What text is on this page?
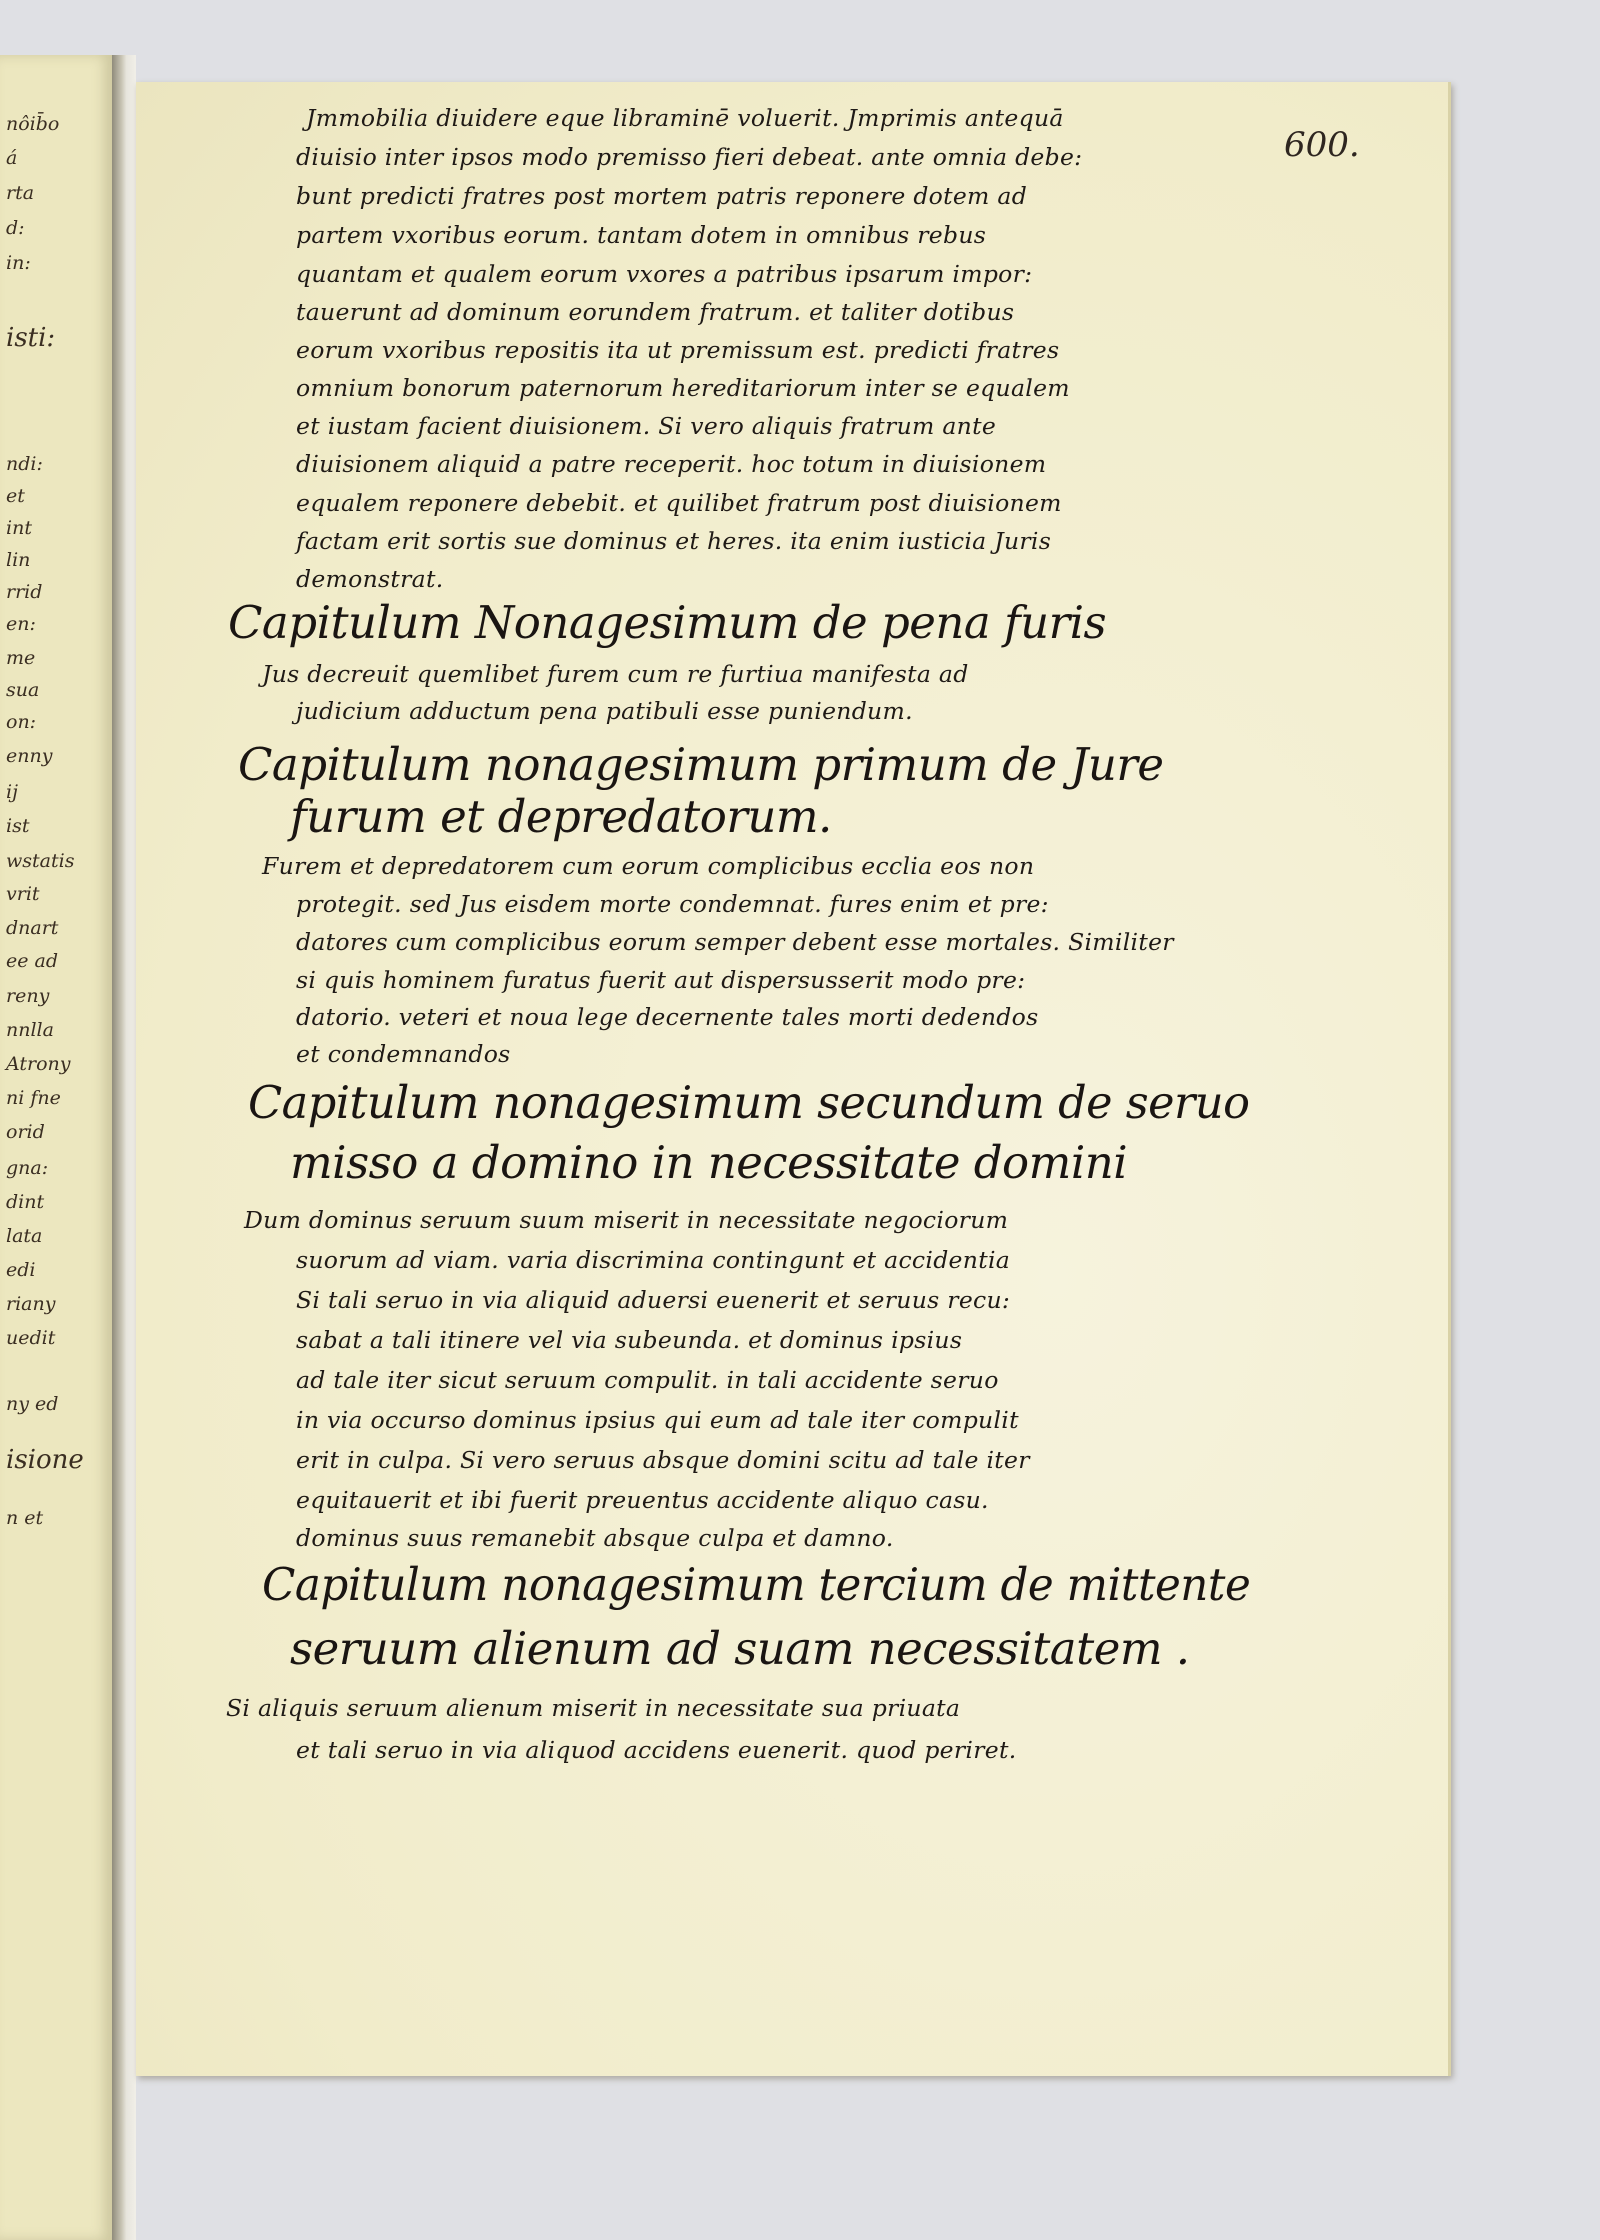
nôib̄o
á
rta
d:
in:
isti:
ndi:
et
int
lin
rrid
en:
me
sua
on:
enny
ij
ist
wstatis
vrit
dnart
ee ad
reny
nnlla
Atrony
ni fne
orid
gna:
dint
lata
edi
riany
uedit
ny ed
isione
n et
600.
Jmmobilia diuidere eque libraminē voluerit. Jmprimis antequā
diuisio inter ipsos modo premisso fieri debeat. ante omnia debe:
bunt predicti fratres post mortem patris reponere dotem ad
partem vxoribus eorum. tantam dotem in omnibus rebus
quantam et qualem eorum vxores a patribus ipsarum impor:
tauerunt ad dominum eorundem fratrum. et taliter dotibus
eorum vxoribus repositis ita ut premissum est. predicti fratres
omnium bonorum paternorum hereditariorum inter se equalem
et iustam facient diuisionem. Si vero aliquis fratrum ante
diuisionem aliquid a patre receperit. hoc totum in diuisionem
equalem reponere debebit. et quilibet fratrum post diuisionem
factam erit sortis sue dominus et heres. ita enim iusticia Juris
demonstrat.
Capitulum Nonagesimum de pena furis
Jus decreuit quemlibet furem cum re furtiua manifesta ad
judicium adductum pena patibuli esse puniendum.
Capitulum nonagesimum primum de Jure
furum et depredatorum.
Furem et depredatorem cum eorum complicibus ecclia eos non
protegit. sed Jus eisdem morte condemnat. fures enim et pre:
datores cum complicibus eorum semper debent esse mortales. Similiter
si quis hominem furatus fuerit aut dispersusserit modo pre:
datorio. veteri et noua lege decernente tales morti dedendos
et condemnandos
Capitulum nonagesimum secundum de seruo
misso a domino in necessitate domini
Dum dominus seruum suum miserit in necessitate negociorum
suorum ad viam. varia discrimina contingunt et accidentia
Si tali seruo in via aliquid aduersi euenerit et seruus recu:
sabat a tali itinere vel via subeunda. et dominus ipsius
ad tale iter sicut seruum compulit. in tali accidente seruo
in via occurso dominus ipsius qui eum ad tale iter compulit
erit in culpa. Si vero seruus absque domini scitu ad tale iter
equitauerit et ibi fuerit preuentus accidente aliquo casu.
dominus suus remanebit absque culpa et damno.
Capitulum nonagesimum tercium de mittente
seruum alienum ad suam necessitatem .
Si aliquis seruum alienum miserit in necessitate sua priuata
et tali seruo in via aliquod accidens euenerit. quod periret.
